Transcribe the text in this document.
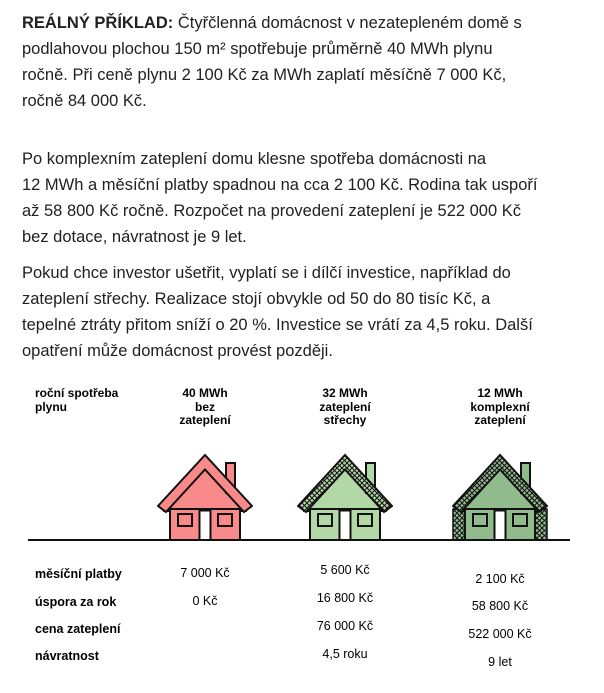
REÁLNÝ PŘÍKLAD: Čtyřčlenná domácnost v nezatepleném domě s
podlahovou plochou 150 m² spotřebuje průměrně 40 MWh plynu
ročně. Při ceně plynu 2 100 Kč za MWh zaplatí měsíčně 7 000 Kč,
ročně 84 000 Kč.
Po komplexním zateplení domu klesne spotřeba domácnosti na
12 MWh a měsíční platby spadnou na cca 2 100 Kč. Rodina tak uspoří
až 58 800 Kč ročně. Rozpočet na provedení zateplení je 522 000 Kč
bez dotace, návratnost je 9 let.
Pokud chce investor ušetřit, vyplatí se i dílčí investice, například do
zateplení střechy. Realizace stojí obvykle od 50 do 80 tisíc Kč, a
tepelné ztráty přitom sníží o 20 %. Investice se vrátí za 4,5 roku. Další
opatření může domácnost provést později.
roční spotřeba
plynu
40 MWh
bez
zateplení
32 MWh
zateplení
střechy
12 MWh
komplexní
zateplení
měsíční platby
úspora za rok
cena zateplení
návratnost
7 000 Kč
0 Kč
5 600 Kč
16 800 Kč
76 000 Kč
4,5 roku
2 100 Kč
58 800 Kč
522 000 Kč
9 let
